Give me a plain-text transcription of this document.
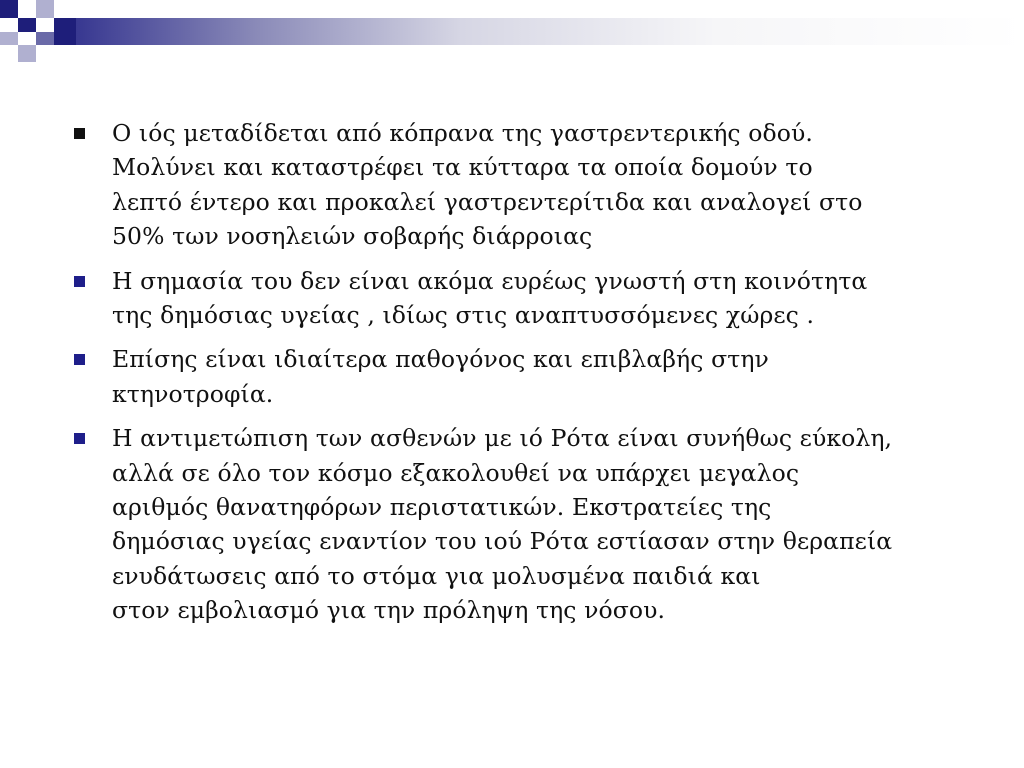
Ο ιός μεταδίδεται από κόπρανα της γαστρεντερικής οδού.
Μολύνει και καταστρέφει τα κύτταρα τα οποία δομούν το
λεπτό έντερο και προκαλεί γαστρεντερίτιδα και αναλογεί στο
50% των νοσηλειών σοβαρής διάρροιας
Η σημασία του δεν είναι ακόμα ευρέως γνωστή στη κοινότητα
της δημόσιας υγείας , ιδίως στις αναπτυσσόμενες χώρες .
Επίσης είναι ιδιαίτερα παθογόνος και επιβλαβής στην
κτηνοτροφία.
Η αντιμετώπιση των ασθενών με ιό Ρότα είναι συνήθως εύκολη,
αλλά σε όλο τον κόσμο εξακολουθεί να υπάρχει μεγαλος
αριθμός θανατηφόρων περιστατικών. Εκστρατείες της
δημόσιας υγείας εναντίον του ιού Ρότα εστίασαν στην θεραπεία
ενυδάτωσεις από το στόμα για μολυσμένα παιδιά και
στον εμβολιασμό για την πρόληψη της νόσου.
